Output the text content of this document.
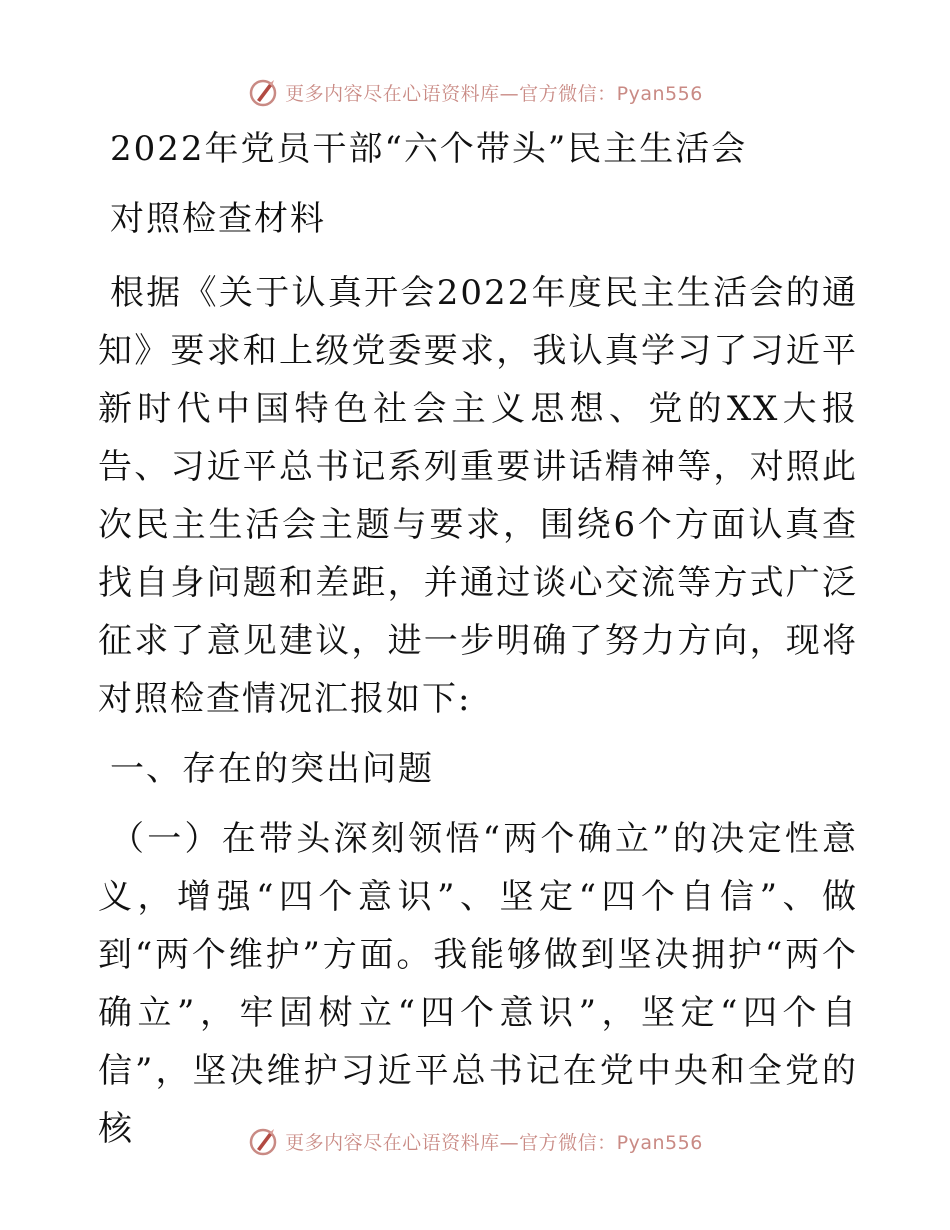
更多内容尽在心语资料库—官方微信：Pyan556

2022年党员干部“六个带头”民主生活会

对照检查材料

根据《关于认真开会2022年度民主生活会的通知》要求和上级党委要求，我认真学习了习近平新时代中国特色社会主义思想、党的XX大报告、习近平总书记系列重要讲话精神等，对照此次民主生活会主题与要求，围绕6个方面认真查找自身问题和差距，并通过谈心交流等方式广泛征求了意见建议，进一步明确了努力方向，现将对照检查情况汇报如下:

一、存在的突出问题

（一）在带头深刻领悟“两个确立”的决定性意义，增强“四个意识”、坚定“四个自信”、做到“两个维护”方面。我能够做到坚决拥护“两个确立”，牢固树立“四个意识”，坚定“四个自信”，坚决维护习近平总书记在党中央和全党的核	更多内容尽在心语资料库—官方微信：Pyan556
